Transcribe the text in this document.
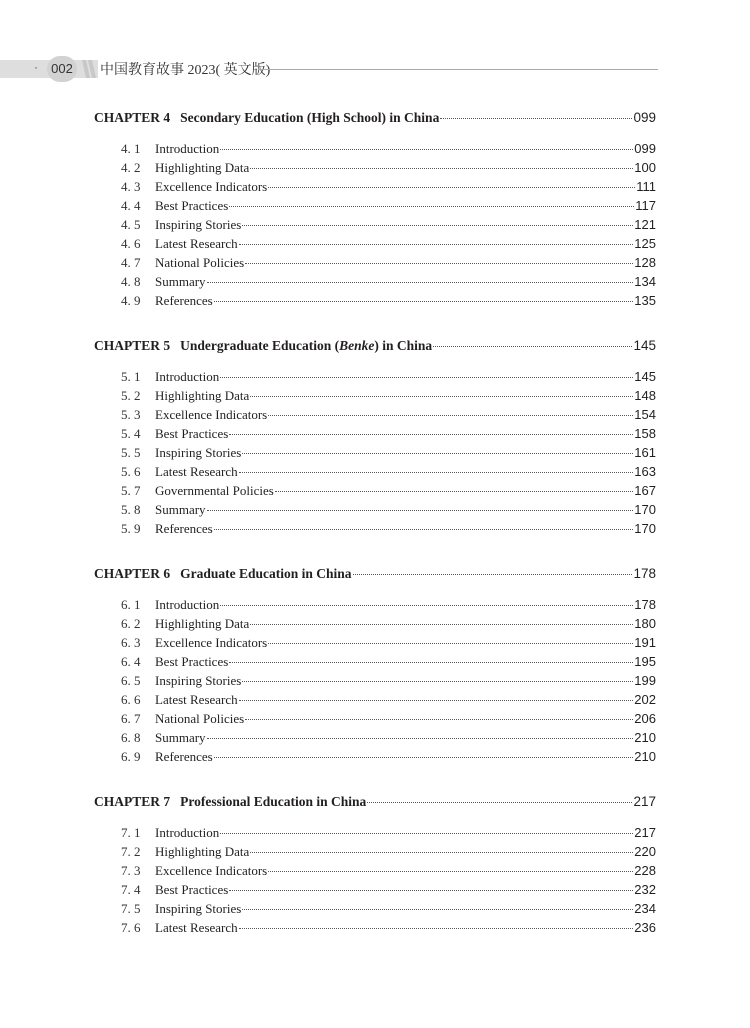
·	002 中国教育故事 2023( 英文版)
CHAPTER 4 Secondary Education (High School) in China	099
4. 1	Introduction	099
4. 2	Highlighting Data	100
4. 3	Excellence Indicators	111
4. 4	Best Practices	117
4. 5	Inspiring Stories	121
4. 6	Latest Research	125
4. 7	National Policies	128
4. 8	Summary	134
4. 9	References	135
CHAPTER 5 Undergraduate Education (Benke) in China	145
5. 1	Introduction	145
5. 2	Highlighting Data	148
5. 3	Excellence Indicators	154
5. 4	Best Practices	158
5. 5	Inspiring Stories	161
5. 6	Latest Research	163
5. 7	Governmental Policies	167
5. 8	Summary	170
5. 9	References	170
CHAPTER 6 Graduate Education in China	178
6. 1	Introduction	178
6. 2	Highlighting Data	180
6. 3	Excellence Indicators	191
6. 4	Best Practices	195
6. 5	Inspiring Stories	199
6. 6	Latest Research	202
6. 7	National Policies	206
6. 8	Summary	210
6. 9	References	210
CHAPTER 7 Professional Education in China	217
7. 1	Introduction	217
7. 2	Highlighting Data	220
7. 3	Excellence Indicators	228
7. 4	Best Practices	232
7. 5	Inspiring Stories	234
7. 6	Latest Research	236
